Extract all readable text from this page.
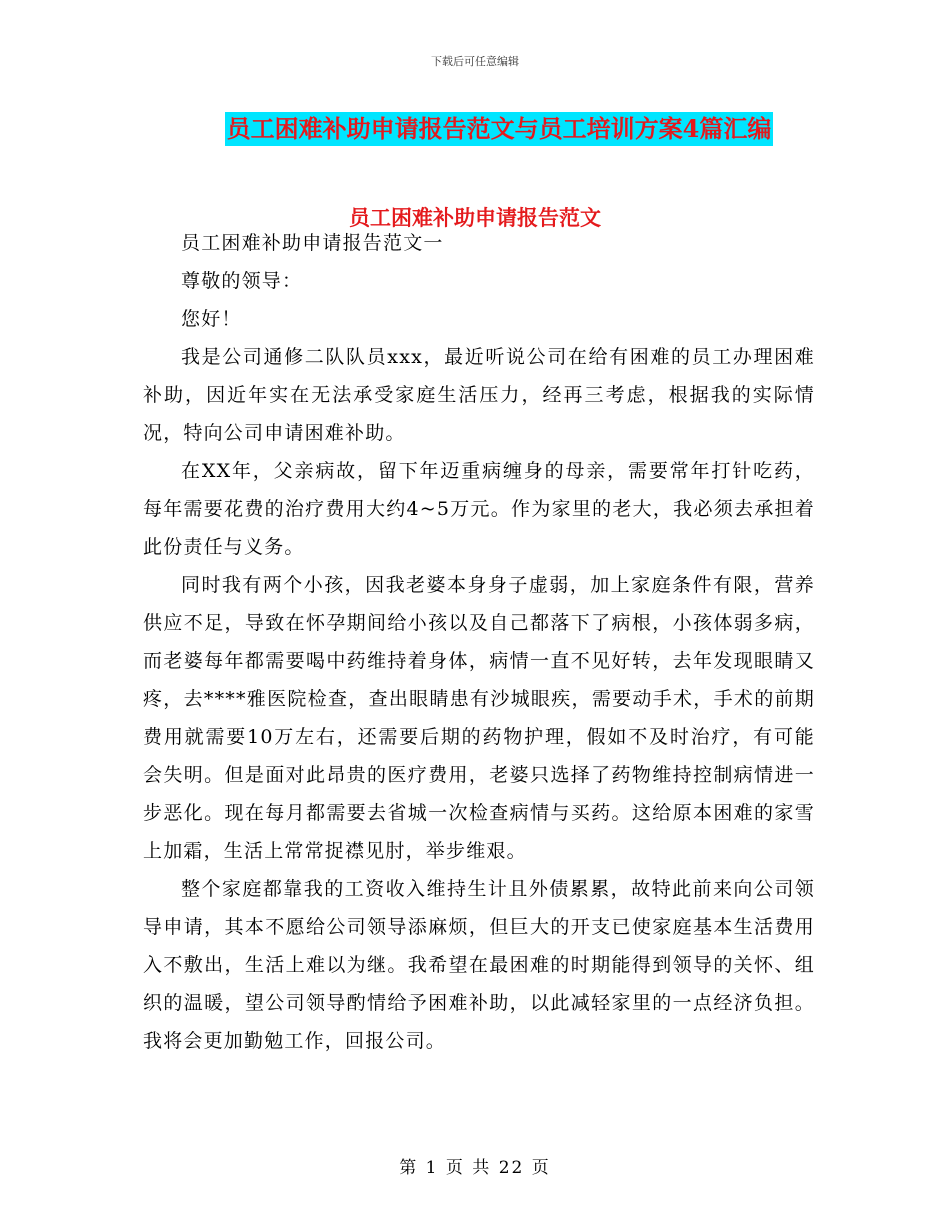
下载后可任意编辑
员工困难补助申请报告范文与员工培训方案4篇汇编
员工困难补助申请报告范文

员工困难补助申请报告范文一

尊敬的领导：

您好！

我是公司通修二队队员xxx，最近听说公司在给有困难的员工办理困难补助，因近年实在无法承受家庭生活压力，经再三考虑，根据我的实际情况，特向公司申请困难补助。

在XX年，父亲病故，留下年迈重病缠身的母亲，需要常年打针吃药，每年需要花费的治疗费用大约4~5万元。作为家里的老大，我必须去承担着此份责任与义务。

同时我有两个小孩，因我老婆本身身子虚弱，加上家庭条件有限，营养供应不足，导致在怀孕期间给小孩以及自己都落下了病根，小孩体弱多病，而老婆每年都需要喝中药维持着身体，病情一直不见好转，去年发现眼睛又疼，去****雅医院检查，查出眼睛患有沙城眼疾，需要动手术，手术的前期费用就需要10万左右，还需要后期的药物护理，假如不及时治疗，有可能会失明。但是面对此昂贵的医疗费用，老婆只选择了药物维持控制病情进一步恶化。现在每月都需要去省城一次检查病情与买药。这给原本困难的家雪上加霜，生活上常常捉襟见肘，举步维艰。

整个家庭都靠我的工资收入维持生计且外债累累，故特此前来向公司领导申请，其本不愿给公司领导添麻烦，但巨大的开支已使家庭基本生活费用入不敷出，生活上难以为继。我希望在最困难的时期能得到领导的关怀、组织的温暖，望公司领导酌情给予困难补助，以此减轻家里的一点经济负担。我将会更加勤勉工作，回报公司。

第 1 页 共 22 页
